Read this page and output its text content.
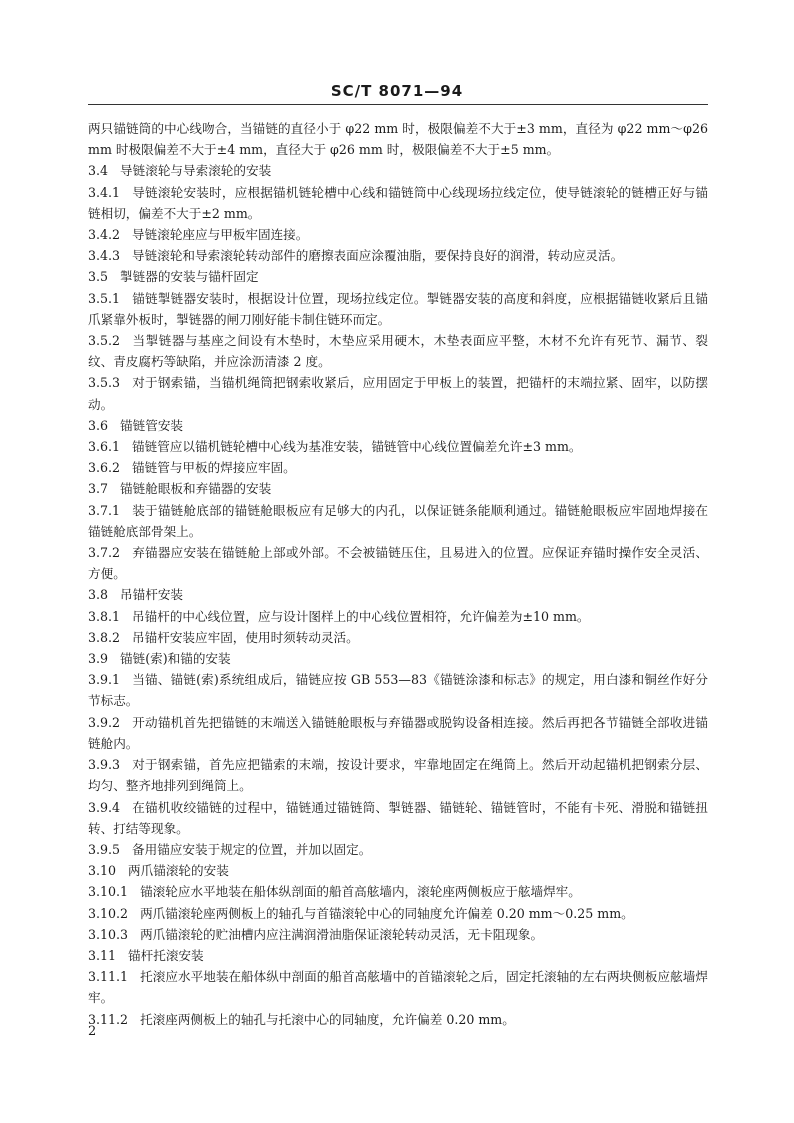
SC/T 8071—94

两只锚链筒的中心线吻合，当锚链的直径小于 φ22 mm 时，极限偏差不大于±3 mm，直径为 φ22 mm～φ26 mm 时极限偏差不大于±4 mm，直径大于 φ26 mm 时，极限偏差不大于±5 mm。

3.4 导链滚轮与导索滚轮的安装

3.4.1 导链滚轮安装时，应根据锚机链轮槽中心线和锚链筒中心线现场拉线定位，使导链滚轮的链槽正好与锚链相切，偏差不大于±2 mm。

3.4.2 导链滚轮座应与甲板牢固连接。

3.4.3 导链滚轮和导索滚轮转动部件的磨擦表面应涂覆油脂，要保持良好的润滑，转动应灵活。

3.5 掣链器的安装与锚杆固定

3.5.1 锚链掣链器安装时，根据设计位置，现场拉线定位。掣链器安装的高度和斜度，应根据锚链收紧后且锚爪紧靠外板时，掣链器的闸刀刚好能卡制住链环而定。

3.5.2 当掣链器与基座之间设有木垫时，木垫应采用硬木，木垫表面应平整，木材不允许有死节、漏节、裂纹、青皮腐朽等缺陷，并应涂沥清漆 2 度。

3.5.3 对于钢索锚，当锚机绳筒把钢索收紧后，应用固定于甲板上的装置，把锚杆的末端拉紧、固牢，以防摆动。

3.6 锚链管安装

3.6.1 锚链管应以锚机链轮槽中心线为基准安装，锚链管中心线位置偏差允许±3 mm。

3.6.2 锚链管与甲板的焊接应牢固。

3.7 锚链舱眼板和弃锚器的安装

3.7.1 装于锚链舱底部的锚链舱眼板应有足够大的内孔，以保证链条能顺利通过。锚链舱眼板应牢固地焊接在锚链舱底部骨架上。

3.7.2 弃锚器应安装在锚链舱上部或外部。不会被锚链压住，且易进入的位置。应保证弃锚时操作安全灵活、方便。

3.8 吊锚杆安装

3.8.1 吊锚杆的中心线位置，应与设计图样上的中心线位置相符，允许偏差为±10 mm。

3.8.2 吊锚杆安装应牢固，使用时须转动灵活。

3.9 锚链(索)和锚的安装

3.9.1 当锚、锚链(索)系统组成后，锚链应按 GB 553—83《锚链涂漆和标志》的规定，用白漆和铜丝作好分节标志。

3.9.2 开动锚机首先把锚链的末端送入锚链舱眼板与弃锚器或脱钩设备相连接。然后再把各节锚链全部收进锚链舱内。

3.9.3 对于钢索锚，首先应把锚索的末端，按设计要求，牢靠地固定在绳筒上。然后开动起锚机把钢索分层、均匀、整齐地排列到绳筒上。

3.9.4 在锚机收绞锚链的过程中，锚链通过锚链筒、掣链器、锚链轮、锚链管时，不能有卡死、滑脱和锚链扭转、打结等现象。

3.9.5 备用锚应安装于规定的位置，并加以固定。

3.10 两爪锚滚轮的安装

3.10.1 锚滚轮应水平地装在船体纵剖面的船首高舷墙内，滚轮座两侧板应于舷墙焊牢。

3.10.2 两爪锚滚轮座两侧板上的轴孔与首锚滚轮中心的同轴度允许偏差 0.20 mm～0.25 mm。

3.10.3 两爪锚滚轮的贮油槽内应注满润滑油脂保证滚轮转动灵活，无卡阻现象。

3.11 锚杆托滚安装

3.11.1 托滚应水平地装在船体纵中剖面的船首高舷墙中的首锚滚轮之后，固定托滚轴的左右两块侧板应舷墙焊牢。

3.11.2 托滚座两侧板上的轴孔与托滚中心的同轴度，允许偏差 0.20 mm。

2
